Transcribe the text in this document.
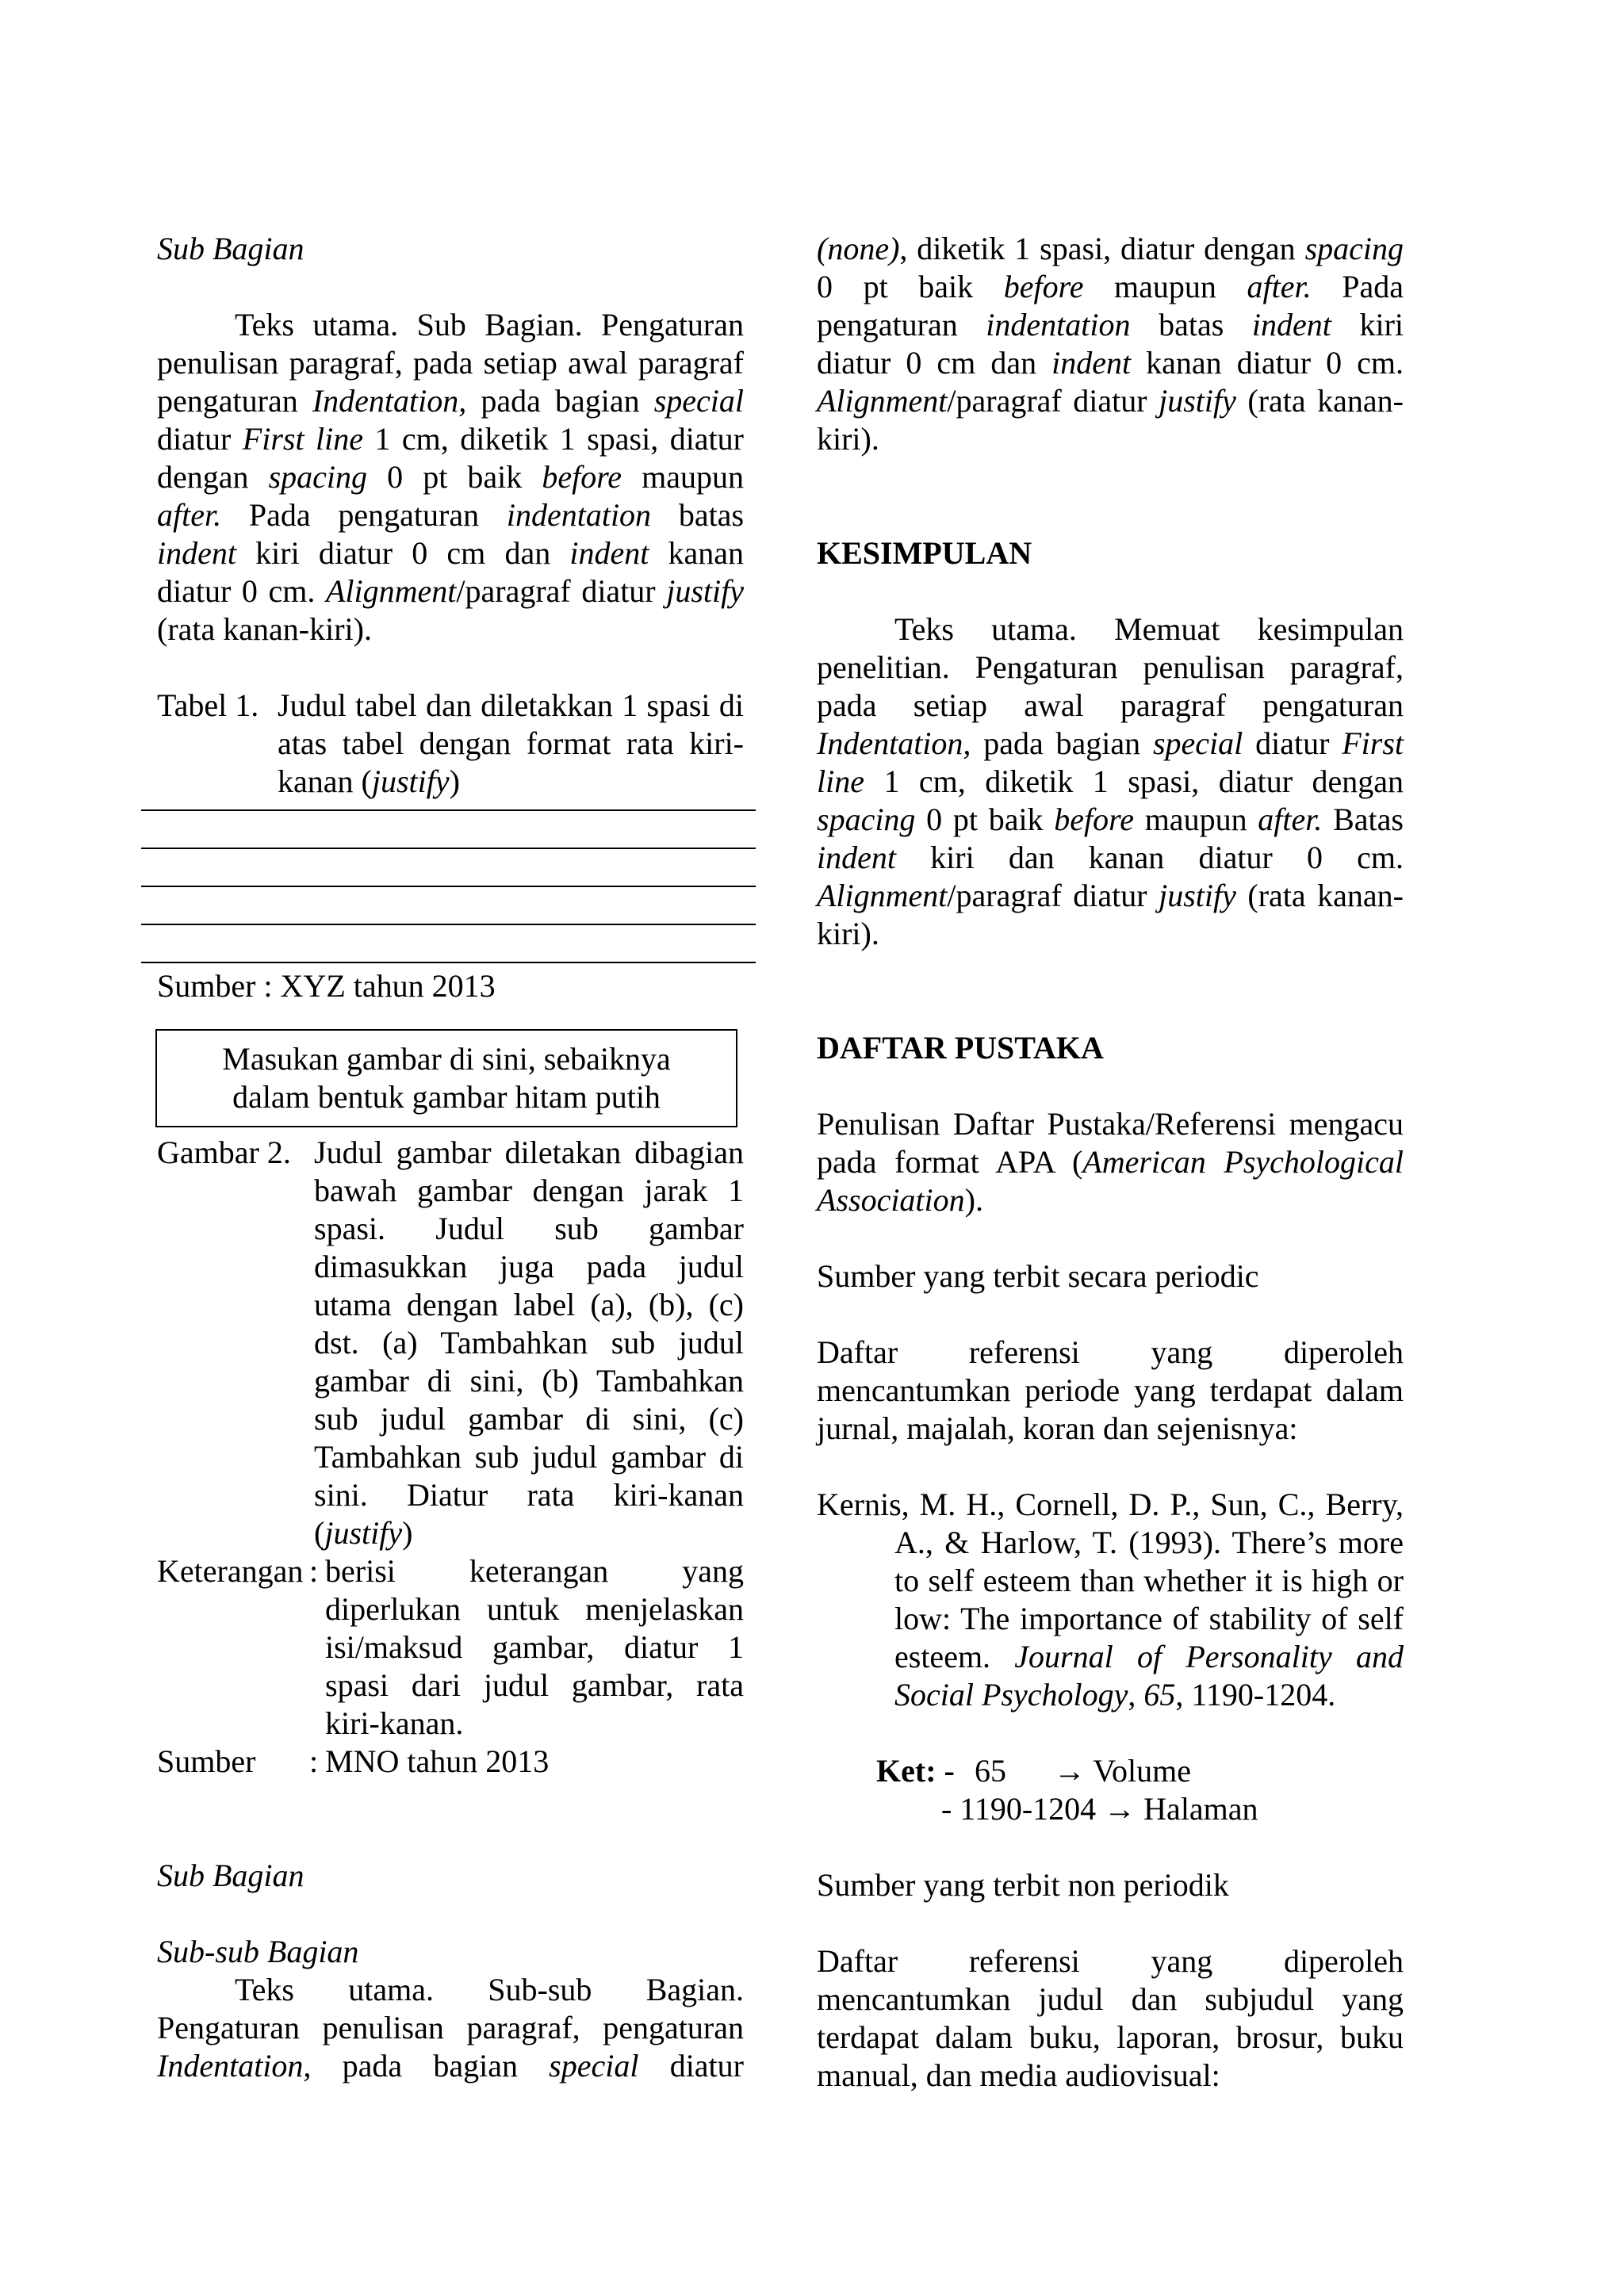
Sub Bagian

Teks utama. Sub Bagian. Pengaturan penulisan paragraf, pada setiap awal paragraf pengaturan Indentation, pada bagian special diatur First line 1 cm, diketik 1 spasi, diatur dengan spacing 0 pt baik before maupun after. Pada pengaturan indentation batas indent kiri diatur 0 cm dan indent kanan diatur 0 cm. Alignment/paragraf diatur justify (rata kanan-kiri).

Tabel 1. Judul tabel dan diletakkan 1 spasi di atas tabel dengan format rata kiri-kanan (justify)

Sumber : XYZ tahun 2013

Masukan gambar di sini, sebaiknya
dalam bentuk gambar hitam putih
Gambar 2. Judul gambar diletakan dibagian bawah gambar dengan jarak 1 spasi. Judul sub gambar dimasukkan juga pada judul utama dengan label (a), (b), (c) dst. (a) Tambahkan sub judul gambar di sini, (b) Tambahkan sub judul gambar di sini, (c) Tambahkan sub judul gambar di sini. Diatur rata kiri-kanan (justify)

Keterangan : berisi keterangan yang diperlukan untuk menjelaskan isi/maksud gambar, diatur 1 spasi dari judul gambar, rata kiri-kanan.

Sumber	: MNO tahun 2013

Sub Bagian

Sub-sub Bagian

Teks utama. Sub-sub Bagian. Pengaturan penulisan paragraf, pengaturan Indentation, pada bagian special diatur

(none), diketik 1 spasi, diatur dengan spacing 0 pt baik before maupun after. Pada pengaturan indentation batas indent kiri diatur 0 cm dan indent kanan diatur 0 cm. Alignment/paragraf diatur justify (rata kanan-kiri).

KESIMPULAN

Teks utama. Memuat kesimpulan penelitian. Pengaturan penulisan paragraf, pada setiap awal paragraf pengaturan Indentation, pada bagian special diatur First line 1 cm, diketik 1 spasi, diatur dengan spacing 0 pt baik before maupun after. Batas indent kiri dan kanan diatur 0 cm. Alignment/paragraf diatur justify (rata kanan-kiri).

DAFTAR PUSTAKA

Penulisan Daftar Pustaka/Referensi mengacu pada format APA (American Psychological Association).

Sumber yang terbit secara periodic

Daftar referensi yang diperoleh mencantumkan periode yang terdapat dalam jurnal, majalah, koran dan sejenisnya:

Kernis, M. H., Cornell, D. P., Sun, C., Berry, A., & Harlow, T. (1993). There’s more to self esteem than whether it is high or low: The importance of stability of self esteem. Journal of Personality and Social Psychology, 65, 1190-1204.

Ket: - 65	→ Volume
- 1190-1204 → Halaman

Sumber yang terbit non periodik

Daftar referensi yang diperoleh mencantumkan judul dan subjudul yang terdapat dalam buku, laporan, brosur, buku manual, dan media audiovisual:
